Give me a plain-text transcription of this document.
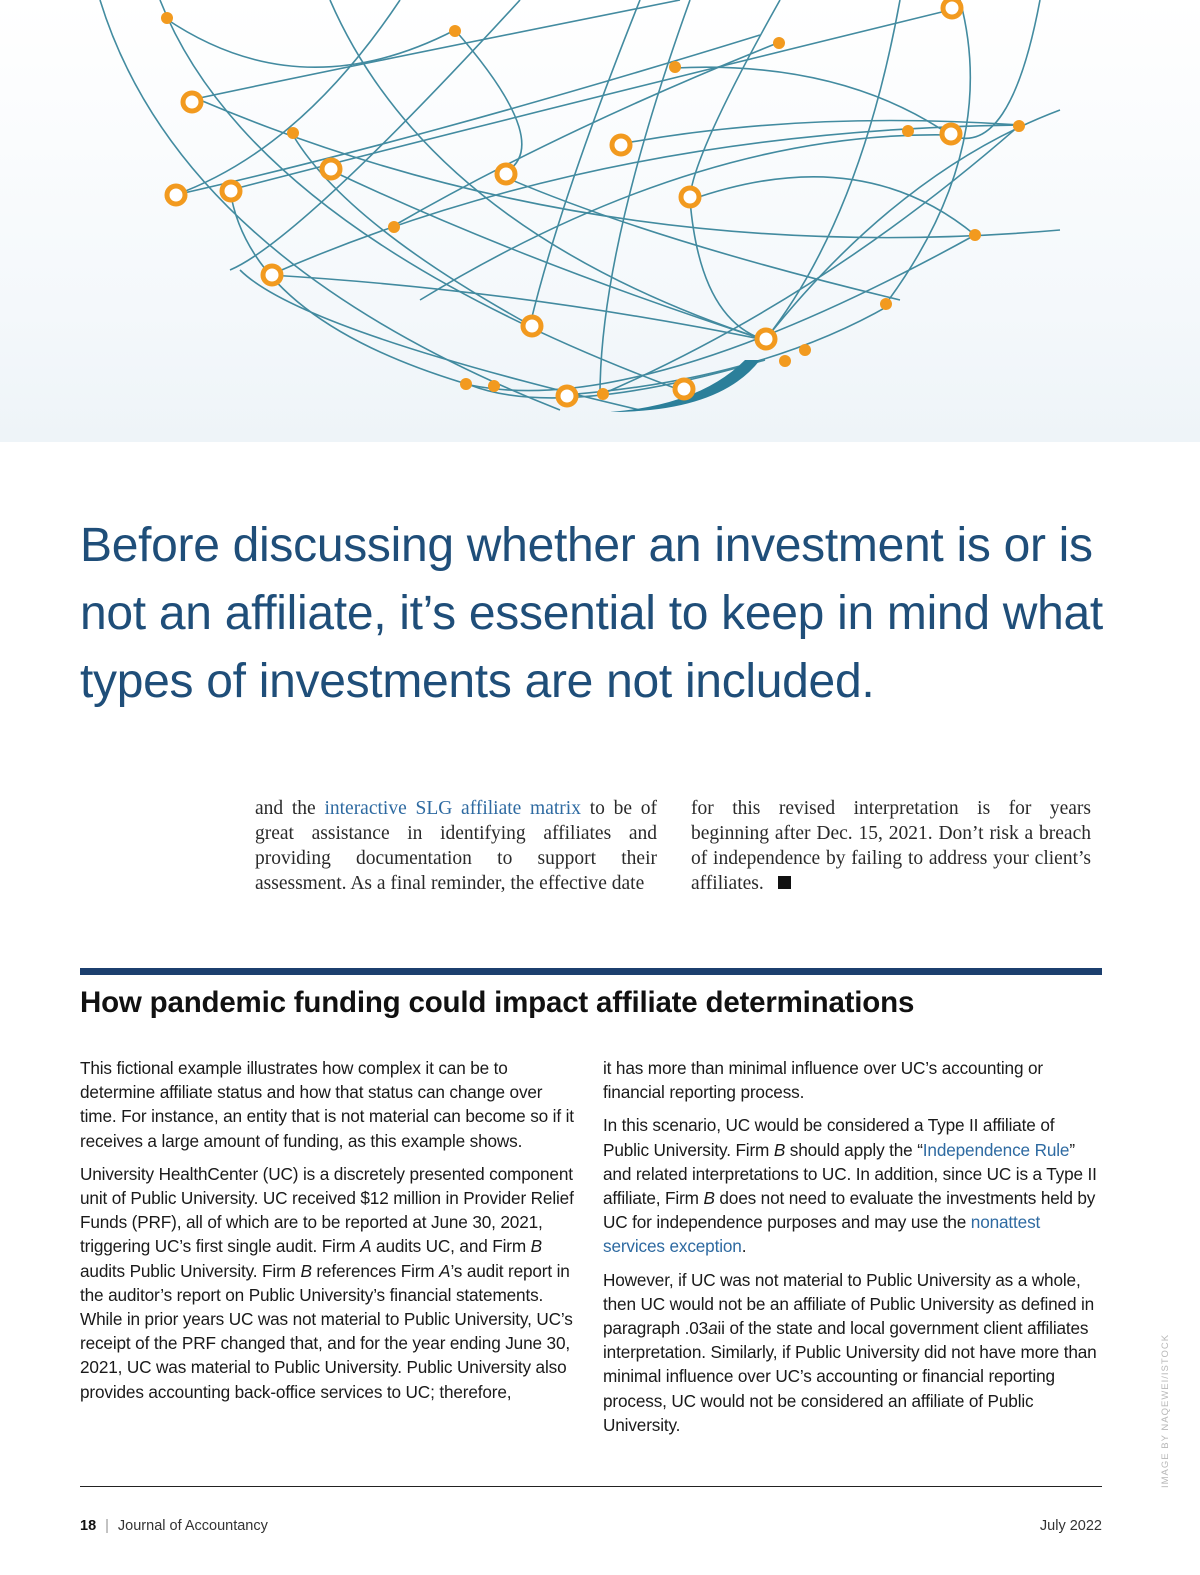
Before discussing whether an investment is or is not an affiliate, it’s essential to keep in mind what types of investments are not included.
and the interactive SLG affiliate matrix to be of great assistance in identifying affiliates and providing documentation to support their assessment. As a final reminder, the effective date
for this revised interpretation is for years beginning after Dec. 15, 2021. Don’t risk a breach of independence by failing to address your client’s affiliates.
How pandemic funding could impact affiliate determinations

This fictional example illustrates how complex it can be to determine affiliate status and how that status can change over time. For instance, an entity that is not material can become so if it receives a large amount of funding, as this example shows.

University HealthCenter (UC) is a discretely presented component unit of Public University. UC received $12 million in Provider Relief Funds (PRF), all of which are to be reported at June 30, 2021, triggering UC’s first single audit. Firm A audits UC, and Firm B audits Public University. Firm B references Firm A’s audit report in the auditor’s report on Public University’s financial statements. While in prior years UC was not material to Public University, UC’s receipt of the PRF changed that, and for the year ending June 30, 2021, UC was material to Public University. Public University also provides accounting back-office services to UC; therefore,

it has more than minimal influence over UC’s accounting or financial reporting process.

In this scenario, UC would be considered a Type II affiliate of Public University. Firm B should apply the “Independence Rule” and related interpretations to UC. In addition, since UC is a Type II affiliate, Firm B does not need to evaluate the investments held by UC for independence purposes and may use the nonattest services exception.

However, if UC was not material to Public University as a whole, then UC would not be an affiliate of Public University as defined in paragraph .03aii of the state and local government client affiliates interpretation. Similarly, if Public University did not have more than minimal influence over UC’s accounting or financial reporting process, UC would not be considered an affiliate of Public University.	IMAGE BY NAQEWEI/ISTOCK
18 | Journal of Accountancy	July 2022
